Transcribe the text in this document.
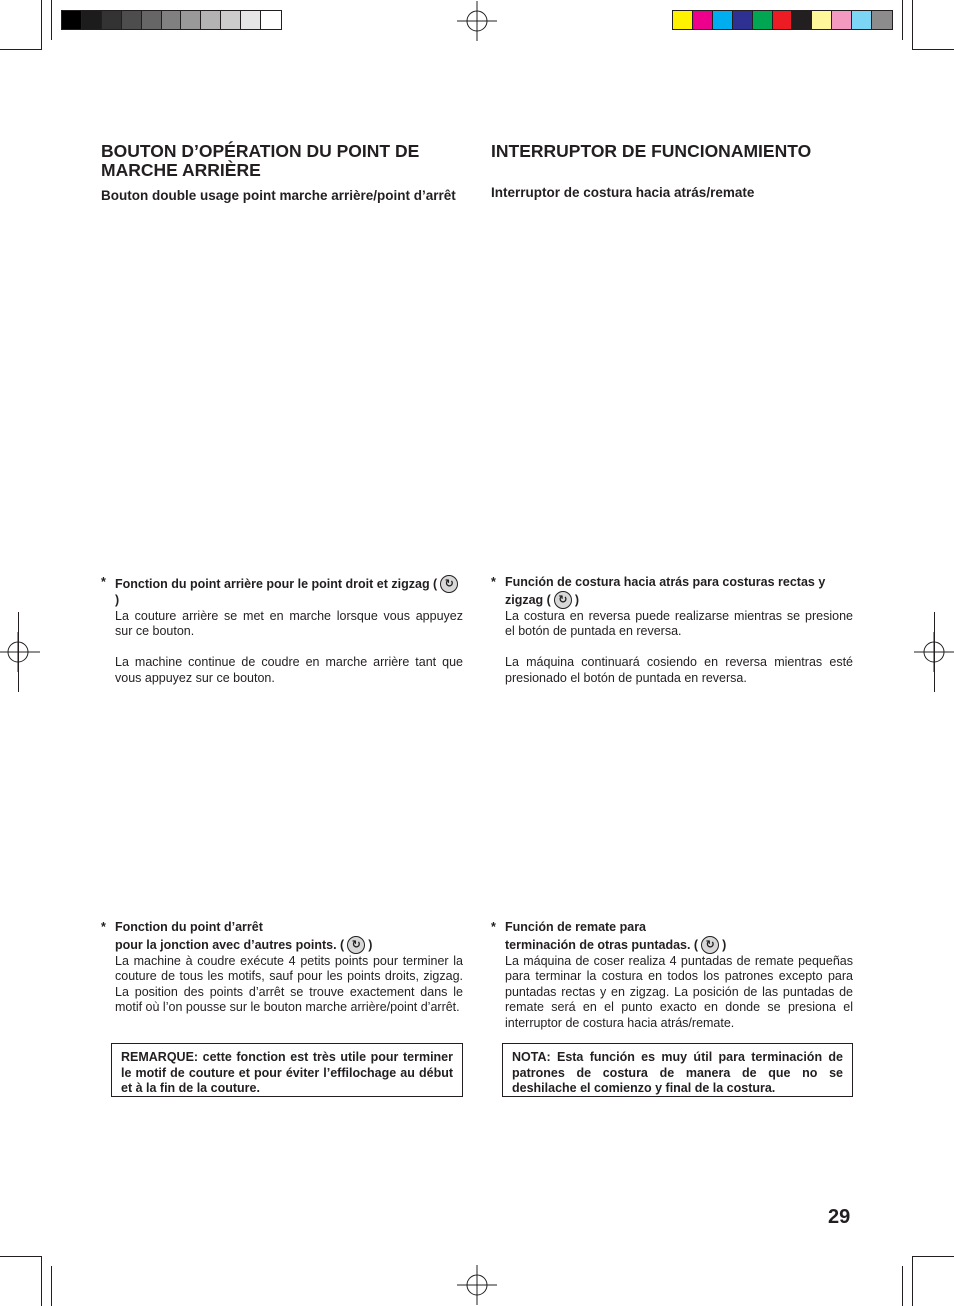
BOUTON D’OPÉRATION DU POINT DE MARCHE ARRIÈRE
Bouton double usage point marche arrière/point d’arrêt
* Fonction du point arrière pour le point droit et zigzag ( ↻
)

La couture arrière se met en marche lorsque vous appuyez sur ce bouton.

La machine continue de coudre en marche arrière tant que vous appuyez sur ce bouton.

* Fonction du point d’arrêt
pour la jonction avec d’autres points. ( ↻ )

La machine à coudre exécute 4 petits points pour terminer la couture de tous les motifs, sauf pour les points droits, zigzag. La position des points d’arrêt se trouve exactement dans le motif où l’on pousse sur le bouton marche arrière/point d’arrêt.

REMARQUE: cette fonction est très utile pour terminer le motif de couture et pour éviter l’effilochage au début et à la fin de la couture.
INTERRUPTOR DE FUNCIONAMIENTO
Interruptor de costura hacia atrás/remate
* Función de costura hacia atrás para costuras rectas y zigzag ( ↻ )

La costura en reversa puede realizarse mientras se presione el botón de puntada en reversa.

La máquina continuará cosiendo en reversa mientras esté presionado el botón de puntada en reversa.

* Función de remate para
terminación de otras puntadas. ( ↻ )

La máquina de coser realiza 4 puntadas de remate pequeñas para terminar la costura en todos los patrones excepto para puntadas rectas y en zigzag. La posición de las puntadas de remate será en el punto exacto en donde se presiona el interruptor de costura hacia atrás/remate.

NOTA: Esta función es muy útil para terminación de patrones de costura de manera de que no se deshilache el comienzo y final de la costura.
29
